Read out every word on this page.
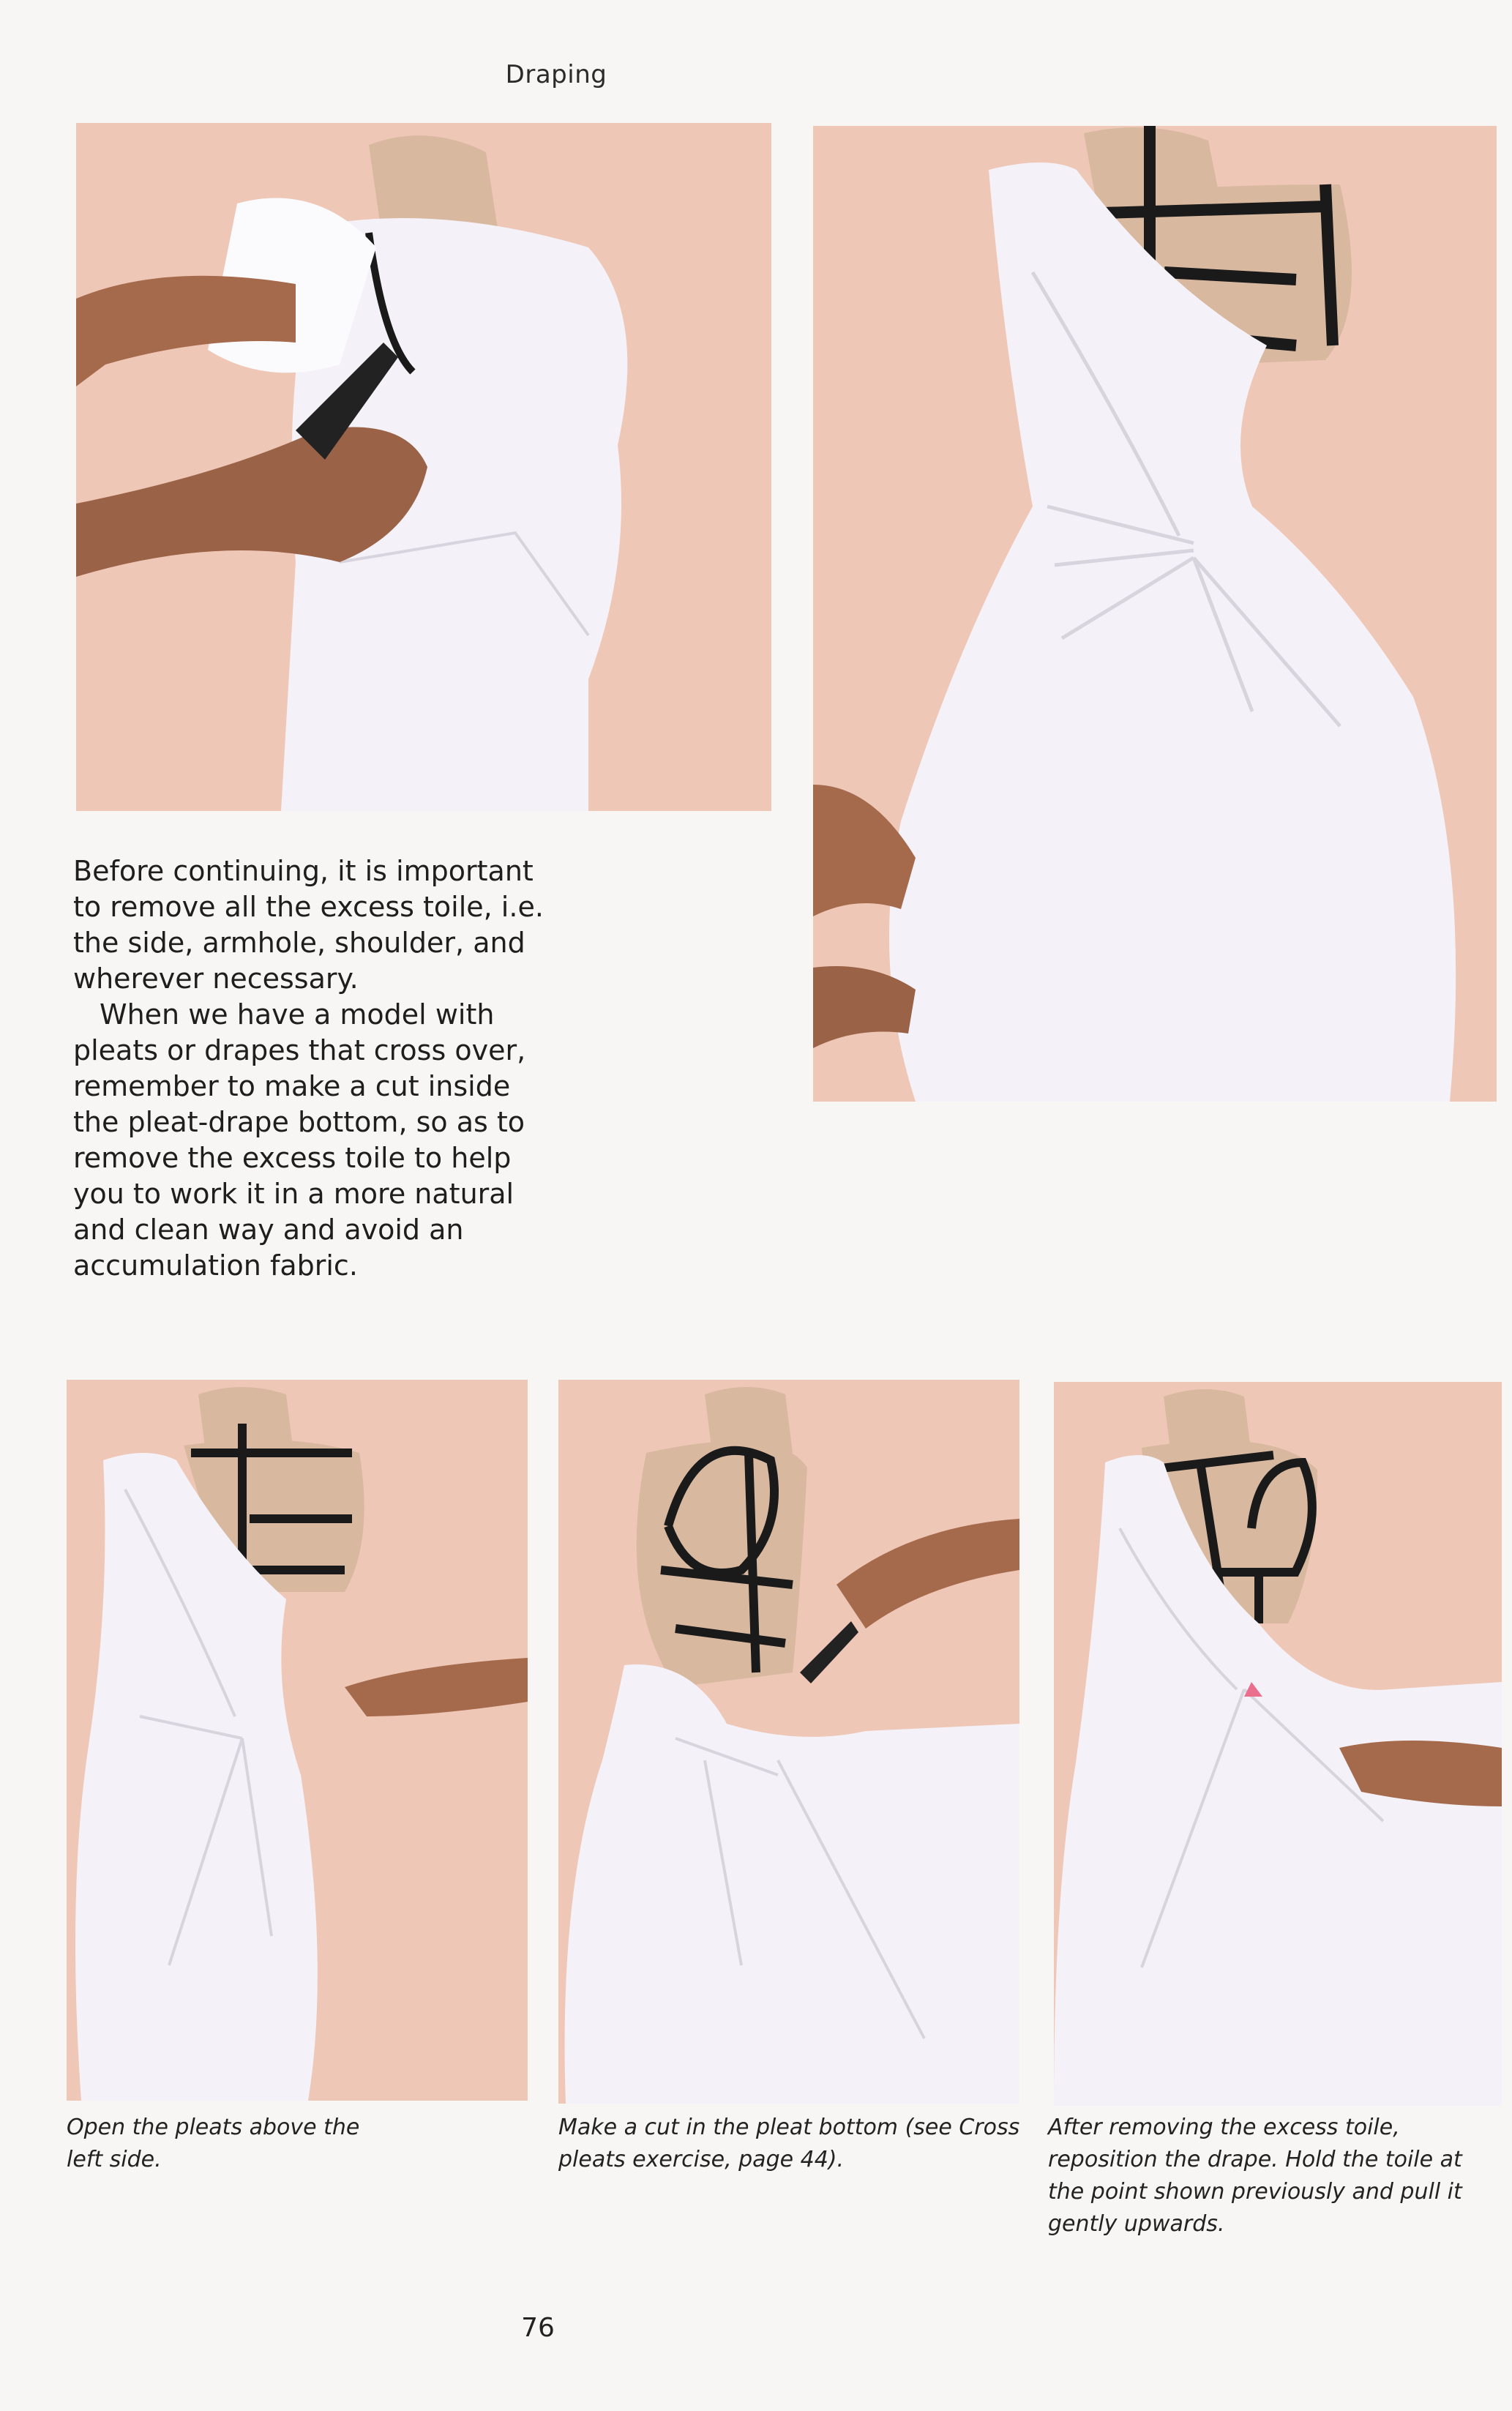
Draping

Before continuing, it is important to remove all the excess toile, i.e. the side, armhole, shoulder, and wherever necessary.

When we have a model with pleats or drapes that cross over, remember to make a cut inside the pleat-drape bottom, so as to remove the excess toile to help you to work it in a more natural and clean way and avoid an accumulation fabric.

Open the pleats above the left side.
Make a cut in the pleat bottom (see Cross pleats exercise, page 44).
After removing the excess toile, reposition the drape. Hold the toile at the point shown previously and pull it gently upwards.
76
